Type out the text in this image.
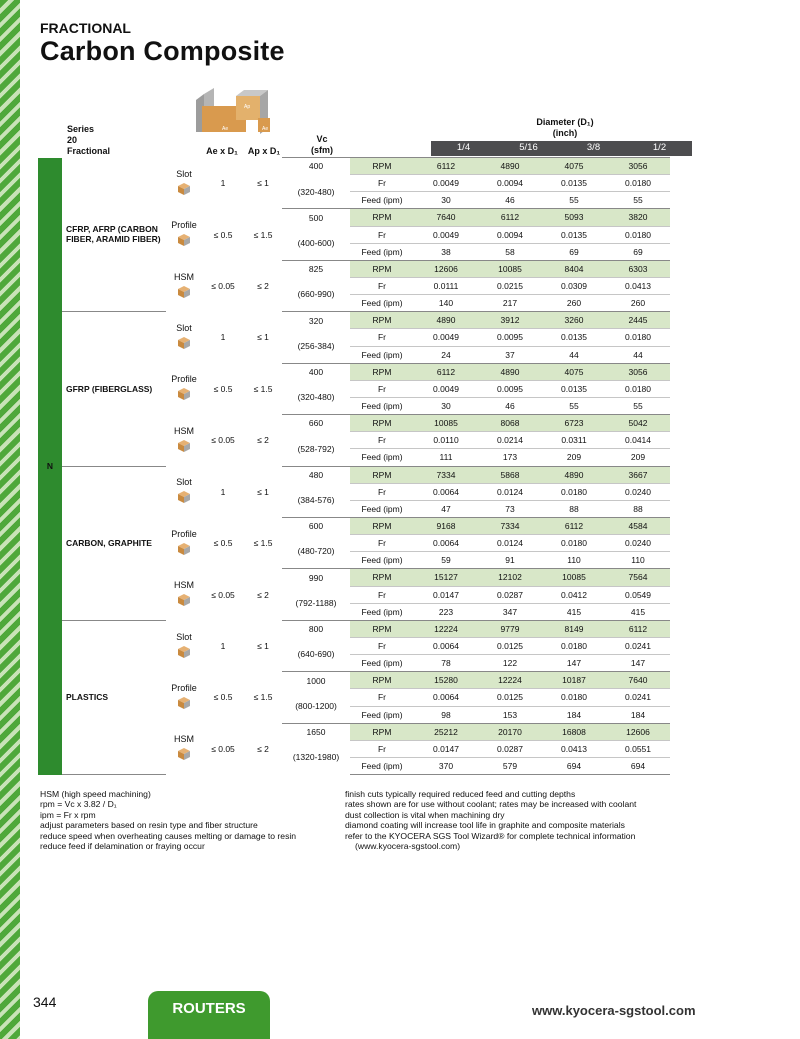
FRACTIONAL
Carbon Composite
Ap
Ae	Ae
Series
20
Fractional	Ae x D₁	Ap x D₁
Vc
(sfm)
Diameter (D₁)
(inch)
1/4	5/16	3/8	1/2
N	CFRP, AFRP (CARBON FIBER, ARAMID FIBER)	Slot	1	≤ 1	400	RPM	6112	4890	4075	3056
					(320-480)	Fr	0.0049	0.0094	0.0135	0.0180
						Feed (ipm)	30	46	55	55

		Profile	≤ 0.5	≤ 1.5	500	RPM	7640	6112	5093	3820
					(400-600)	Fr	0.0049	0.0094	0.0135	0.0180
						Feed (ipm)	38	58	69	69

		HSM	≤ 0.05	≤ 2	825	RPM	12606	10085	8404	6303
					(660-990)	Fr	0.0111	0.0215	0.0309	0.0413
						Feed (ipm)	140	217	260	260
	GFRP (FIBERGLASS)	Slot	1	≤ 1	320	RPM	4890	3912	3260	2445
					(256-384)	Fr	0.0049	0.0095	0.0135	0.0180
						Feed (ipm)	24	37	44	44

		Profile	≤ 0.5	≤ 1.5	400	RPM	6112	4890	4075	3056
					(320-480)	Fr	0.0049	0.0095	0.0135	0.0180
						Feed (ipm)	30	46	55	55

		HSM	≤ 0.05	≤ 2	660	RPM	10085	8068	6723	5042
					(528-792)	Fr	0.0110	0.0214	0.0311	0.0414
						Feed (ipm)	111	173	209	209
	CARBON, GRAPHITE	Slot	1	≤ 1	480	RPM	7334	5868	4890	3667
					(384-576)	Fr	0.0064	0.0124	0.0180	0.0240
						Feed (ipm)	47	73	88	88

		Profile	≤ 0.5	≤ 1.5	600	RPM	9168	7334	6112	4584
					(480-720)	Fr	0.0064	0.0124	0.0180	0.0240
						Feed (ipm)	59	91	110	110

		HSM	≤ 0.05	≤ 2	990	RPM	15127	12102	10085	7564
					(792-1188)	Fr	0.0147	0.0287	0.0412	0.0549
						Feed (ipm)	223	347	415	415
	PLASTICS	Slot	1	≤ 1	800	RPM	12224	9779	8149	6112
					(640-690)	Fr	0.0064	0.0125	0.0180	0.0241
						Feed (ipm)	78	122	147	147

		Profile	≤ 0.5	≤ 1.5	1000	RPM	15280	12224	10187	7640
					(800-1200)	Fr	0.0064	0.0125	0.0180	0.0241
						Feed (ipm)	98	153	184	184

		HSM	≤ 0.05	≤ 2	1650	RPM	25212	20170	16808	12606
					(1320-1980)	Fr	0.0147	0.0287	0.0413	0.0551
						Feed (ipm)	370	579	694	694
HSM (high speed machining)
rpm = Vc x 3.82 / D₁
ipm = Fr x rpm
adjust parameters based on resin type and fiber structure
reduce speed when overheating causes melting or damage to resin
reduce feed if delamination or fraying occur
finish cuts typically required reduced feed and cutting depths
rates shown are for use without coolant; rates may be increased with coolant
dust collection is vital when machining dry
diamond coating will increase tool life in graphite and composite materials
refer to the KYOCERA SGS Tool Wizard® for complete technical information
(www.kyocera-sgstool.com)
344	ROUTERS	www.kyocera-sgstool.com
